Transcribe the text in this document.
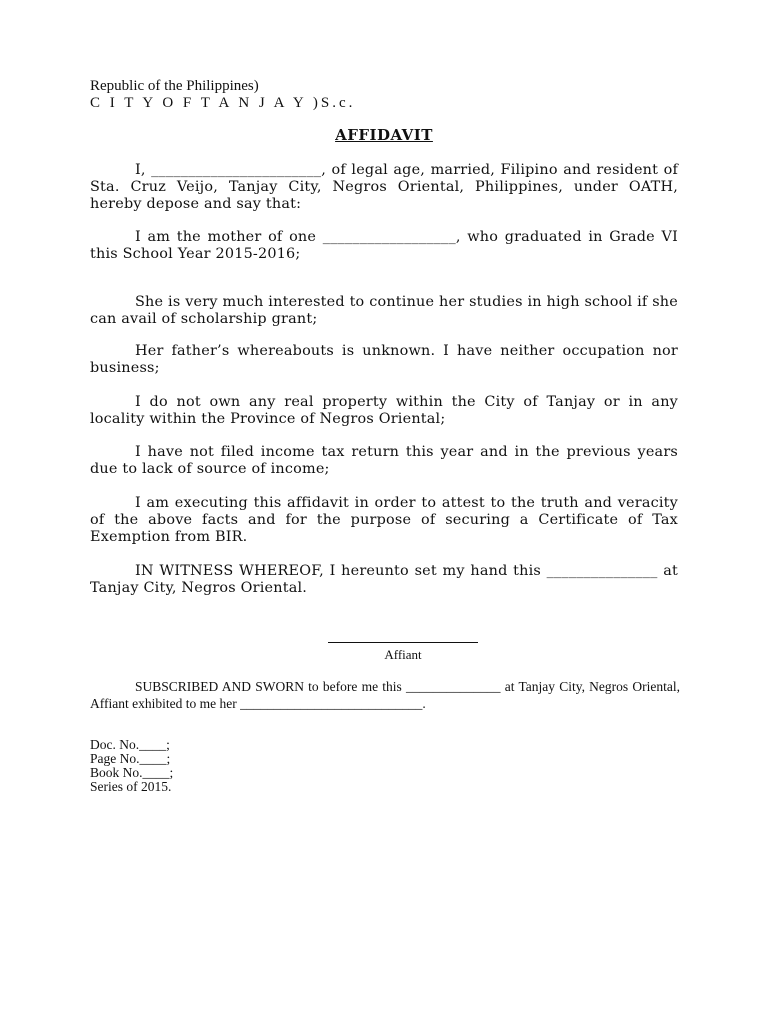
Republic of the Philippines)

C I T Y O F T A N J A Y )S.c.

AFFIDAVIT

I, _______________________, of legal age, married, Filipino and resident of Sta. Cruz Veijo, Tanjay City, Negros Oriental, Philippines, under OATH, hereby depose and say that:

I am the mother of one __________________, who graduated in Grade VI this School Year 2015-2016;

She is very much interested to continue her studies in high school if she can avail of scholarship grant;

Her father’s whereabouts is unknown. I have neither occupation nor business;

I do not own any real property within the City of Tanjay or in any locality within the Province of Negros Oriental;

I have not filed income tax return this year and in the previous years due to lack of source of income;

I am executing this affidavit in order to attest to the truth and veracity of the above facts and for the purpose of securing a Certificate of Tax Exemption from BIR.

IN WITNESS WHEREOF, I hereunto set my hand this _______________ at Tanjay City, Negros Oriental.

Affiant

SUBSCRIBED AND SWORN to before me this ______________ at Tanjay City, Negros Oriental, Affiant exhibited to me her ___________________________.

Doc. No.____;

Page No.____;

Book No.____;

Series of 2015.
